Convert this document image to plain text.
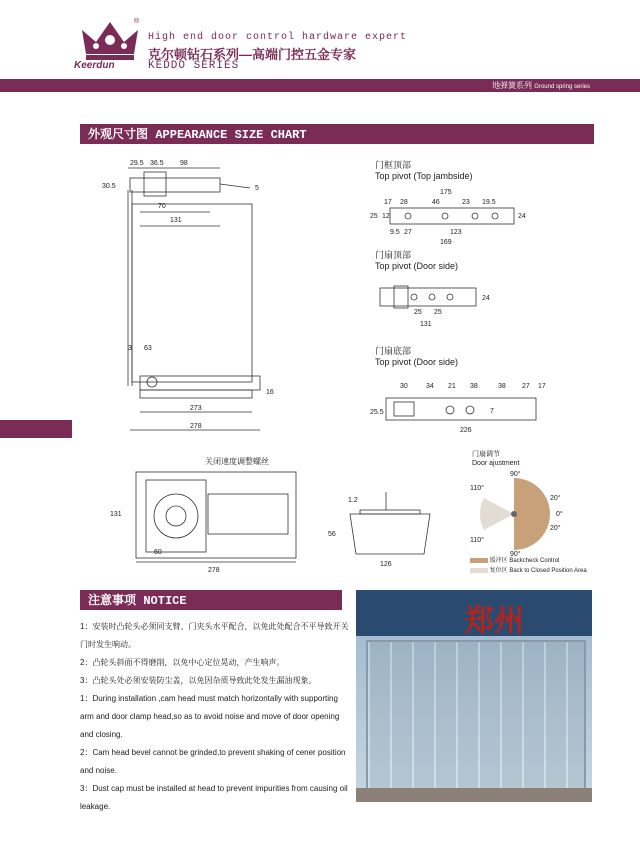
®
Keerdun
High end door control hardware expert
克尔顿钻石系列—高端门控五金专家
KEDDO SERIES
地弹簧系列 Ground spring series
外观尺寸图 APPEARANCE SIZE CHART
29.5 36.5 98
30.5	5
70
131
3 63
16
273
278
门框顶部
Top pivot (Top jambside)
175
17 28	46	23 19.5
25 12	24
9.5 27	123
169
门扇顶部
Top pivot (Door side)
24
25 25
131
门扇底部
Top pivot (Door side)
30	34 21 38	38 27 17
25.5	7
226
关闭速度调整螺丝
131
60
278
1.2
56
126
门扇调节
Door ajustment
90°
110°
20°
0°
20°
110°
90°
缓冲区 Backcheck Control
复位区 Back to Closed Position Area
注意事项 NOTICE
1：安装时凸轮头必须同支臂、门夹头水平配合，以免此处配合不平导致开关门时发生响动。
2：凸轮头斜面不得磨削，以免中心定位晃动，产生响声。
3：凸轮头处必须安装防尘盖，以免因杂质导致此处发生漏油现象。
1：During installation ,cam head must match horizontally with supporting arm and door clamp head,so as to avoid noise and move of door opening and closing.
2：Cam head bevel cannot be grinded,to prevent shaking of cener position and noise.
3：Dust cap must be installed at head to prevent impurities from causing oil leakage.
郑州
